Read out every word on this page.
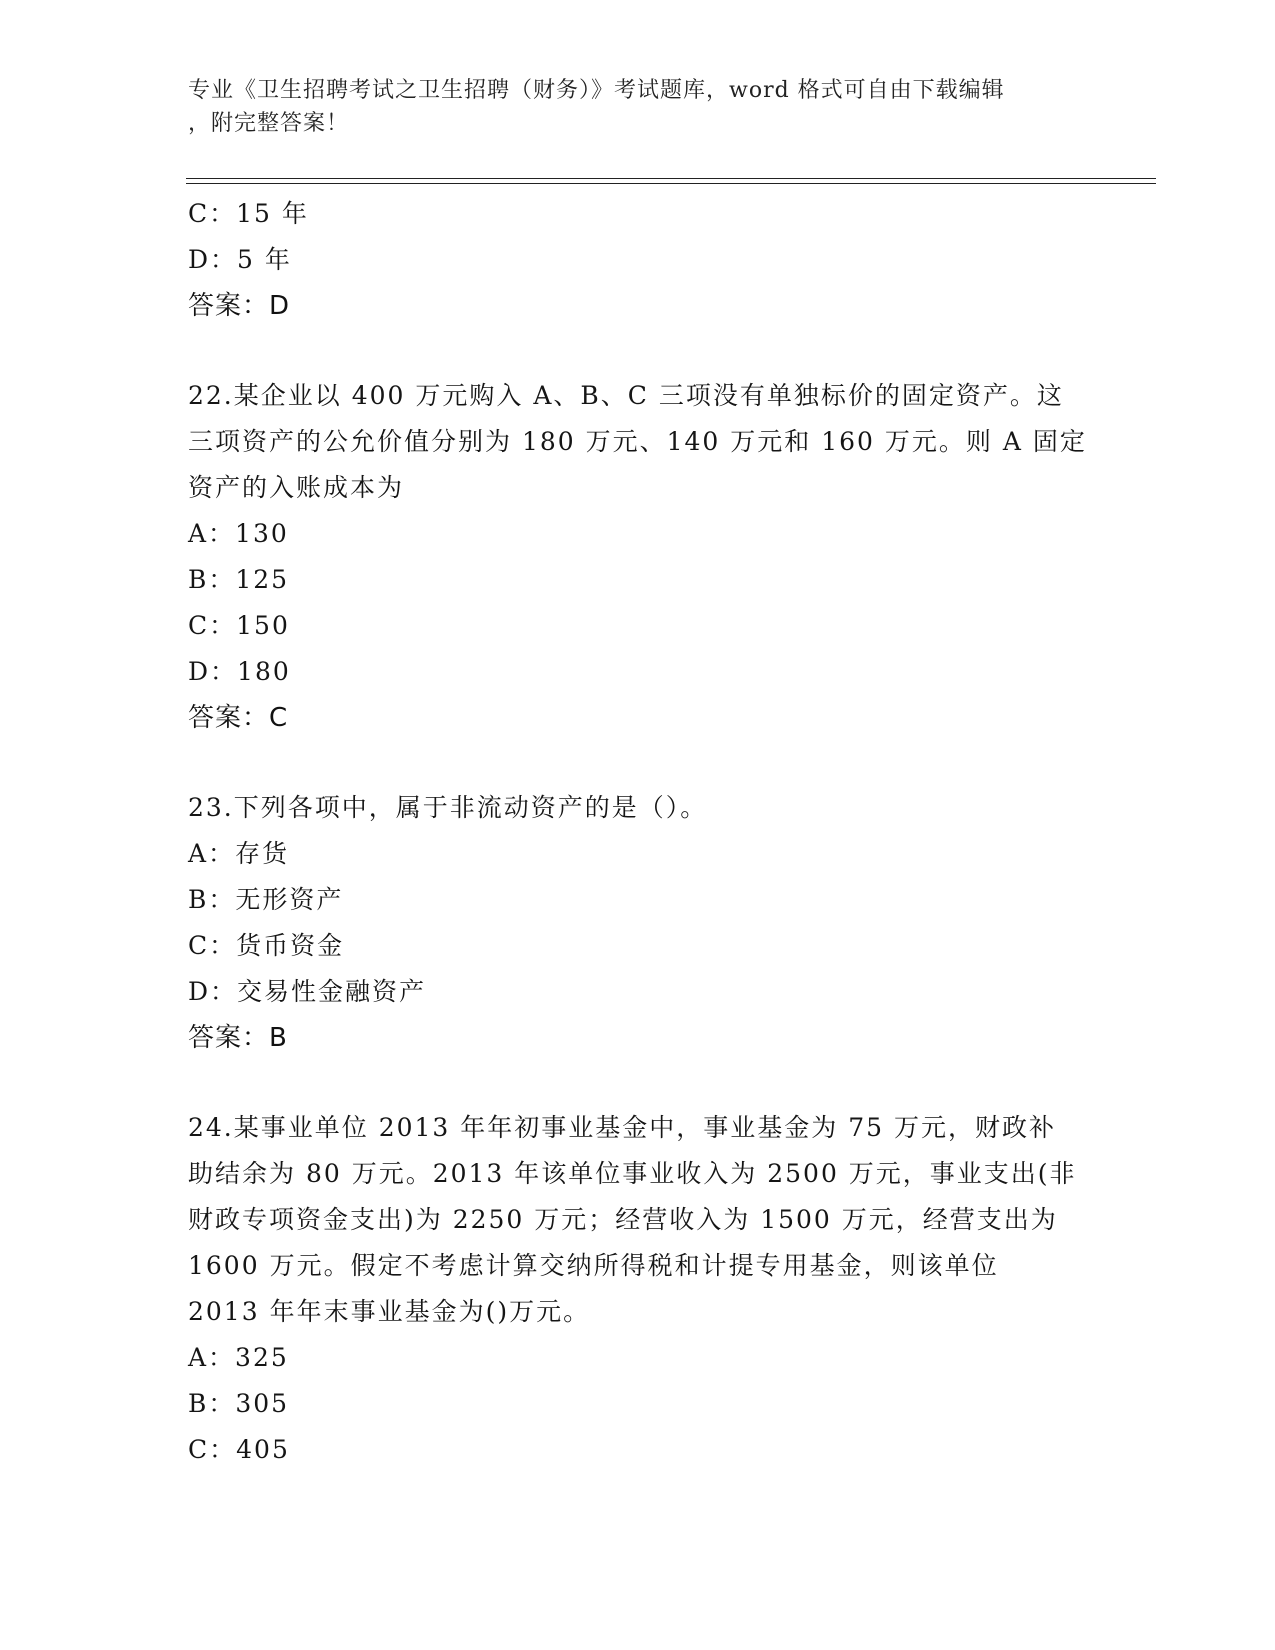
专业《卫生招聘考试之卫生招聘（财务）》考试题库，word 格式可自由下载编辑
，附完整答案！
C：15 年
D：5 年
答案：D
22.某企业以 400 万元购入 A、B、C 三项没有单独标价的固定资产。这
三项资产的公允价值分别为 180 万元、140 万元和 160 万元。则 A 固定
资产的入账成本为
A：130
B：125
C：150
D：180
答案：C
23.下列各项中，属于非流动资产的是（）。
A：存货
B：无形资产
C：货币资金
D：交易性金融资产
答案：B
24.某事业单位 2013 年年初事业基金中，事业基金为 75 万元，财政补
助结余为 80 万元。2013 年该单位事业收入为 2500 万元，事业支出(非
财政专项资金支出)为 2250 万元；经营收入为 1500 万元，经营支出为
1600 万元。假定不考虑计算交纳所得税和计提专用基金，则该单位
2013 年年末事业基金为()万元。
A：325
B：305
C：405
